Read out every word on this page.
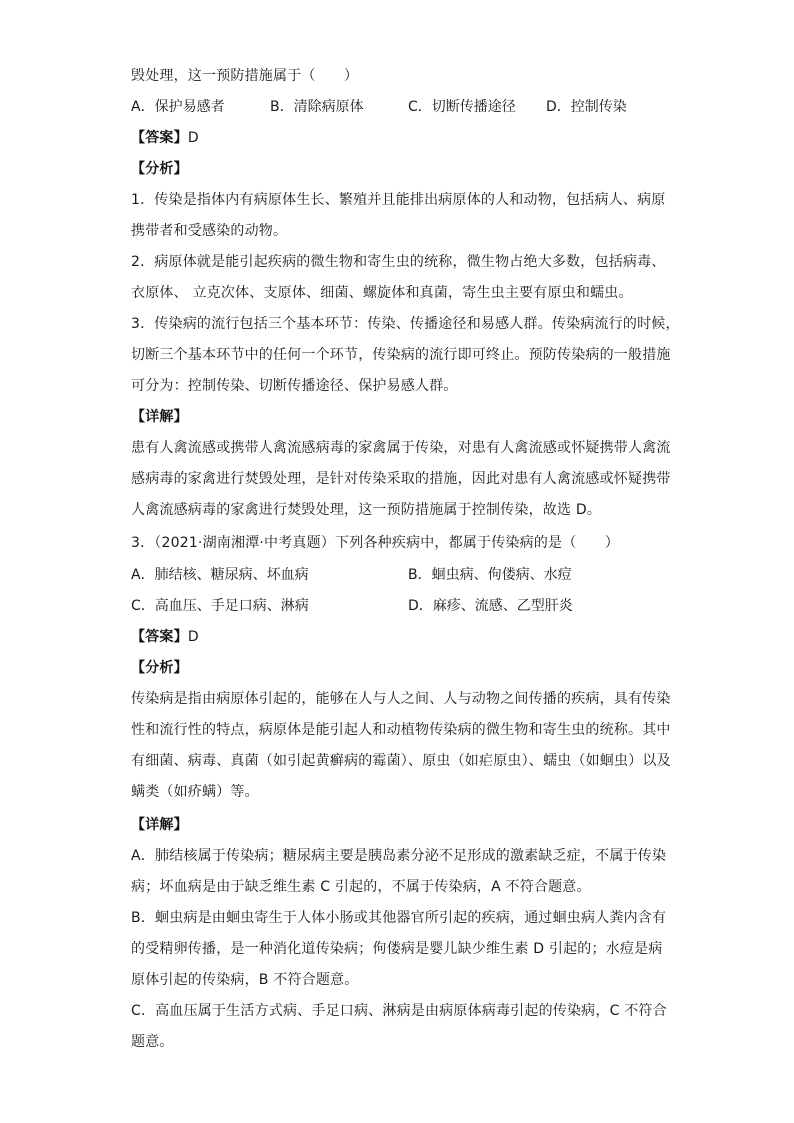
毁处理，这一预防措施属于（　　）
A．保护易感者	B．清除病原体	C．切断传播途径 D．控制传染
【答案】D
【分析】
1．传染是指体内有病原体生长、繁殖并且能排出病原体的人和动物，包括病人、病原
携带者和受感染的动物。
2．病原体就是能引起疾病的微生物和寄生虫的统称，微生物占绝大多数，包括病毒、
衣原体、 立克次体、支原体、细菌、螺旋体和真菌，寄生虫主要有原虫和蠕虫。
3．传染病的流行包括三个基本环节：传染、传播途径和易感人群。传染病流行的时候，
切断三个基本环节中的任何一个环节，传染病的流行即可终止。预防传染病的一般措施
可分为：控制传染、切断传播途径、保护易感人群。
【详解】
患有人禽流感或携带人禽流感病毒的家禽属于传染，对患有人禽流感或怀疑携带人禽流
感病毒的家禽进行焚毁处理，是针对传染采取的措施，因此对患有人禽流感或怀疑携带
人禽流感病毒的家禽进行焚毁处理，这一预防措施属于控制传染，故选 D。
3．（2021·湖南湘潭·中考真题）下列各种疾病中，都属于传染病的是（　　）
A．肺结核、糖尿病、坏血病	B．蛔虫病、佝偻病、水痘
C．高血压、手足口病、淋病	D．麻疹、流感、乙型肝炎
【答案】D
【分析】
传染病是指由病原体引起的，能够在人与人之间、人与动物之间传播的疾病，具有传染
性和流行性的特点，病原体是能引起人和动植物传染病的微生物和寄生虫的统称。其中
有细菌、病毒、真菌（如引起黄癣病的霉菌）、原虫（如疟原虫）、蠕虫（如蛔虫）以及
螨类（如疥螨）等。
【详解】
A．肺结核属于传染病；糖尿病主要是胰岛素分泌不足形成的激素缺乏症，不属于传染
病；坏血病是由于缺乏维生素 C 引起的，不属于传染病，A 不符合题意。
B．蛔虫病是由蛔虫寄生于人体小肠或其他器官所引起的疾病，通过蛔虫病人粪内含有
的受精卵传播，是一种消化道传染病；佝偻病是婴儿缺少维生素 D 引起的；水痘是病
原体引起的传染病，B 不符合题意。
C．高血压属于生活方式病、手足口病、淋病是由病原体病毒引起的传染病，C 不符合
题意。
